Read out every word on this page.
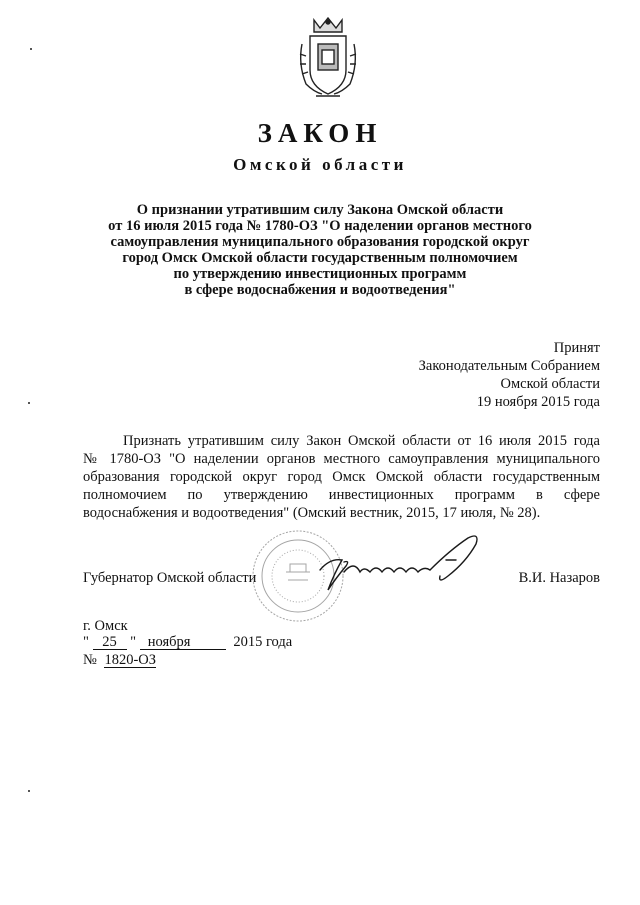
ЗАКОН
Омской области
О признании утратившим силу Закона Омской области
от 16 июля 2015 года № 1780-ОЗ "О наделении органов местного
самоуправления муниципального образования городской округ
город Омск Омской области государственным полномочием
по утверждению инвестиционных программ
в сфере водоснабжения и водоотведения"
Принят
Законодательным Собранием
Омской области
19 ноября 2015 года
Признать утратившим силу Закон Омской области от 16 июля 2015 года
№ 1780-ОЗ "О наделении органов местного самоуправления муниципального
образования городской округ город Омск Омской области государственным
полномочием по утверждению инвестиционных программ в сфере
водоснабжения и водоотведения" (Омский вестник, 2015, 17 июля, № 28).
Губернатор Омской области	В.И. Назаров
г. Омск
" 25 " ноября	2015 года
№ 1820-ОЗ
